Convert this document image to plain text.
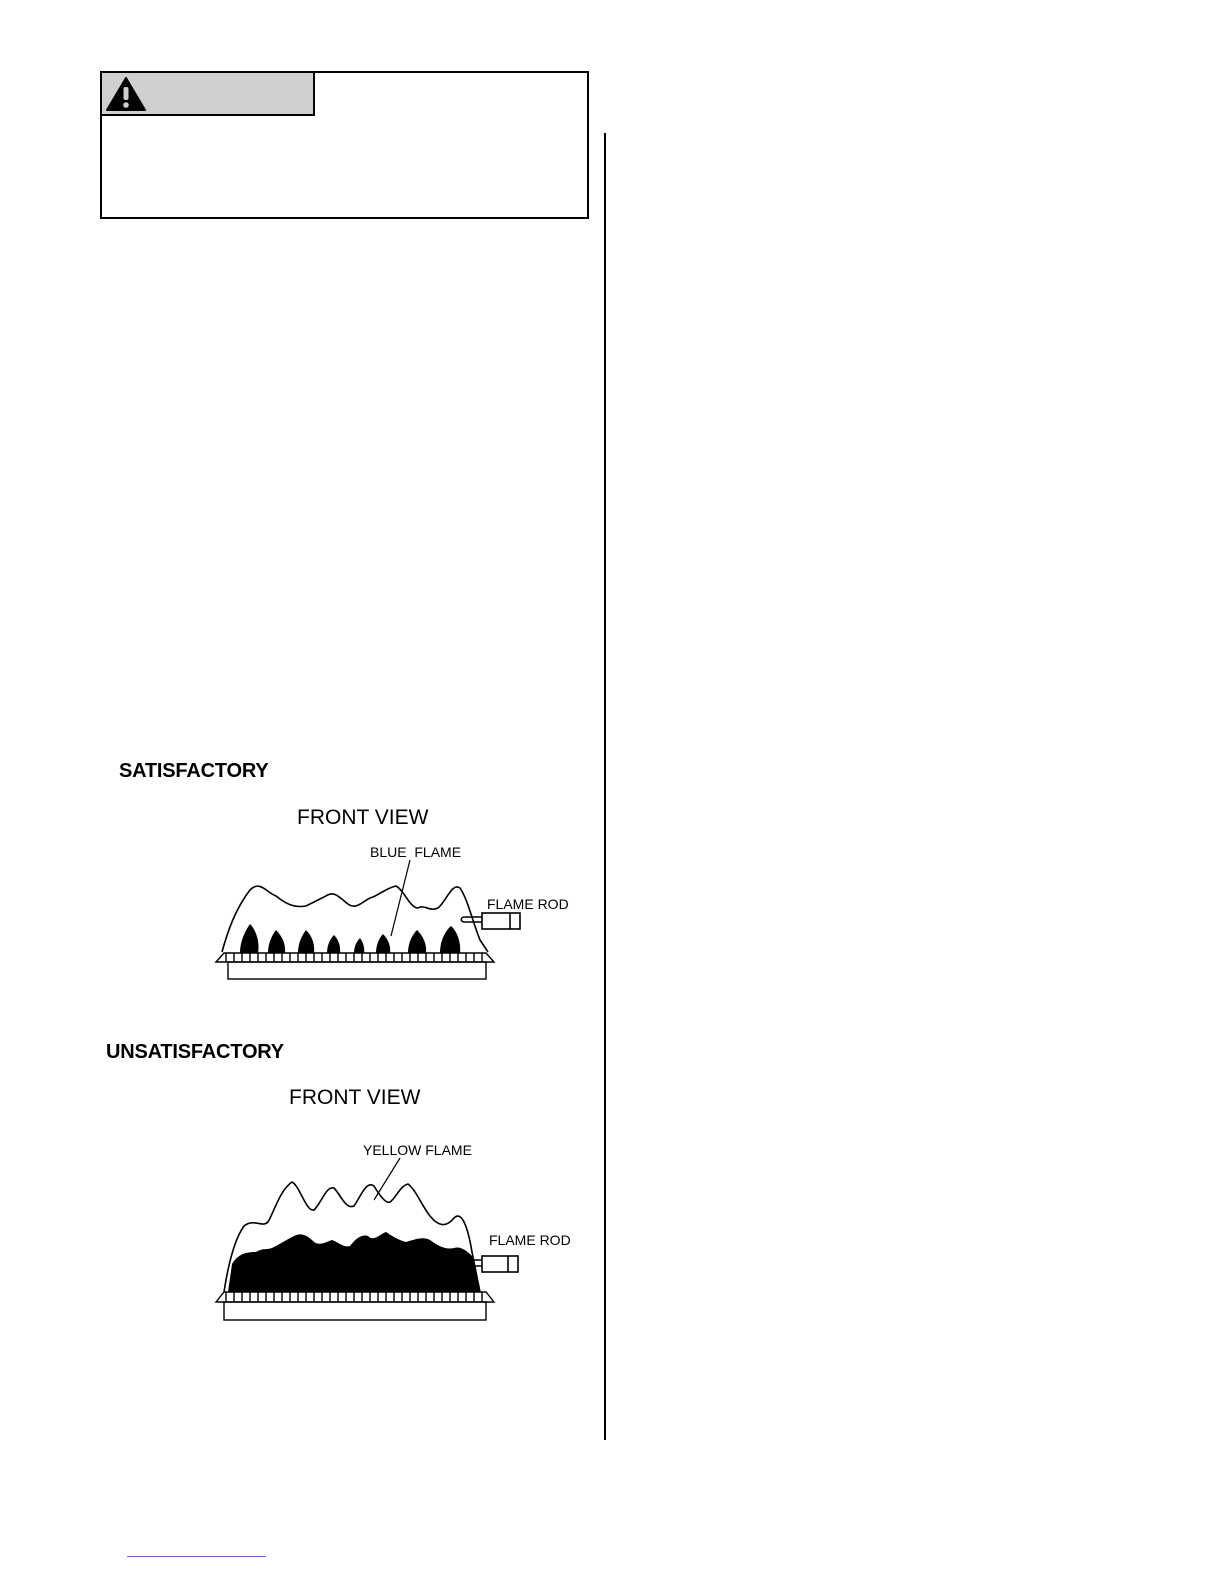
SATISFACTORY
FRONT VIEW
BLUE  FLAME
FLAME ROD
UNSATISFACTORY
FRONT VIEW
YELLOW FLAME
FLAME ROD
